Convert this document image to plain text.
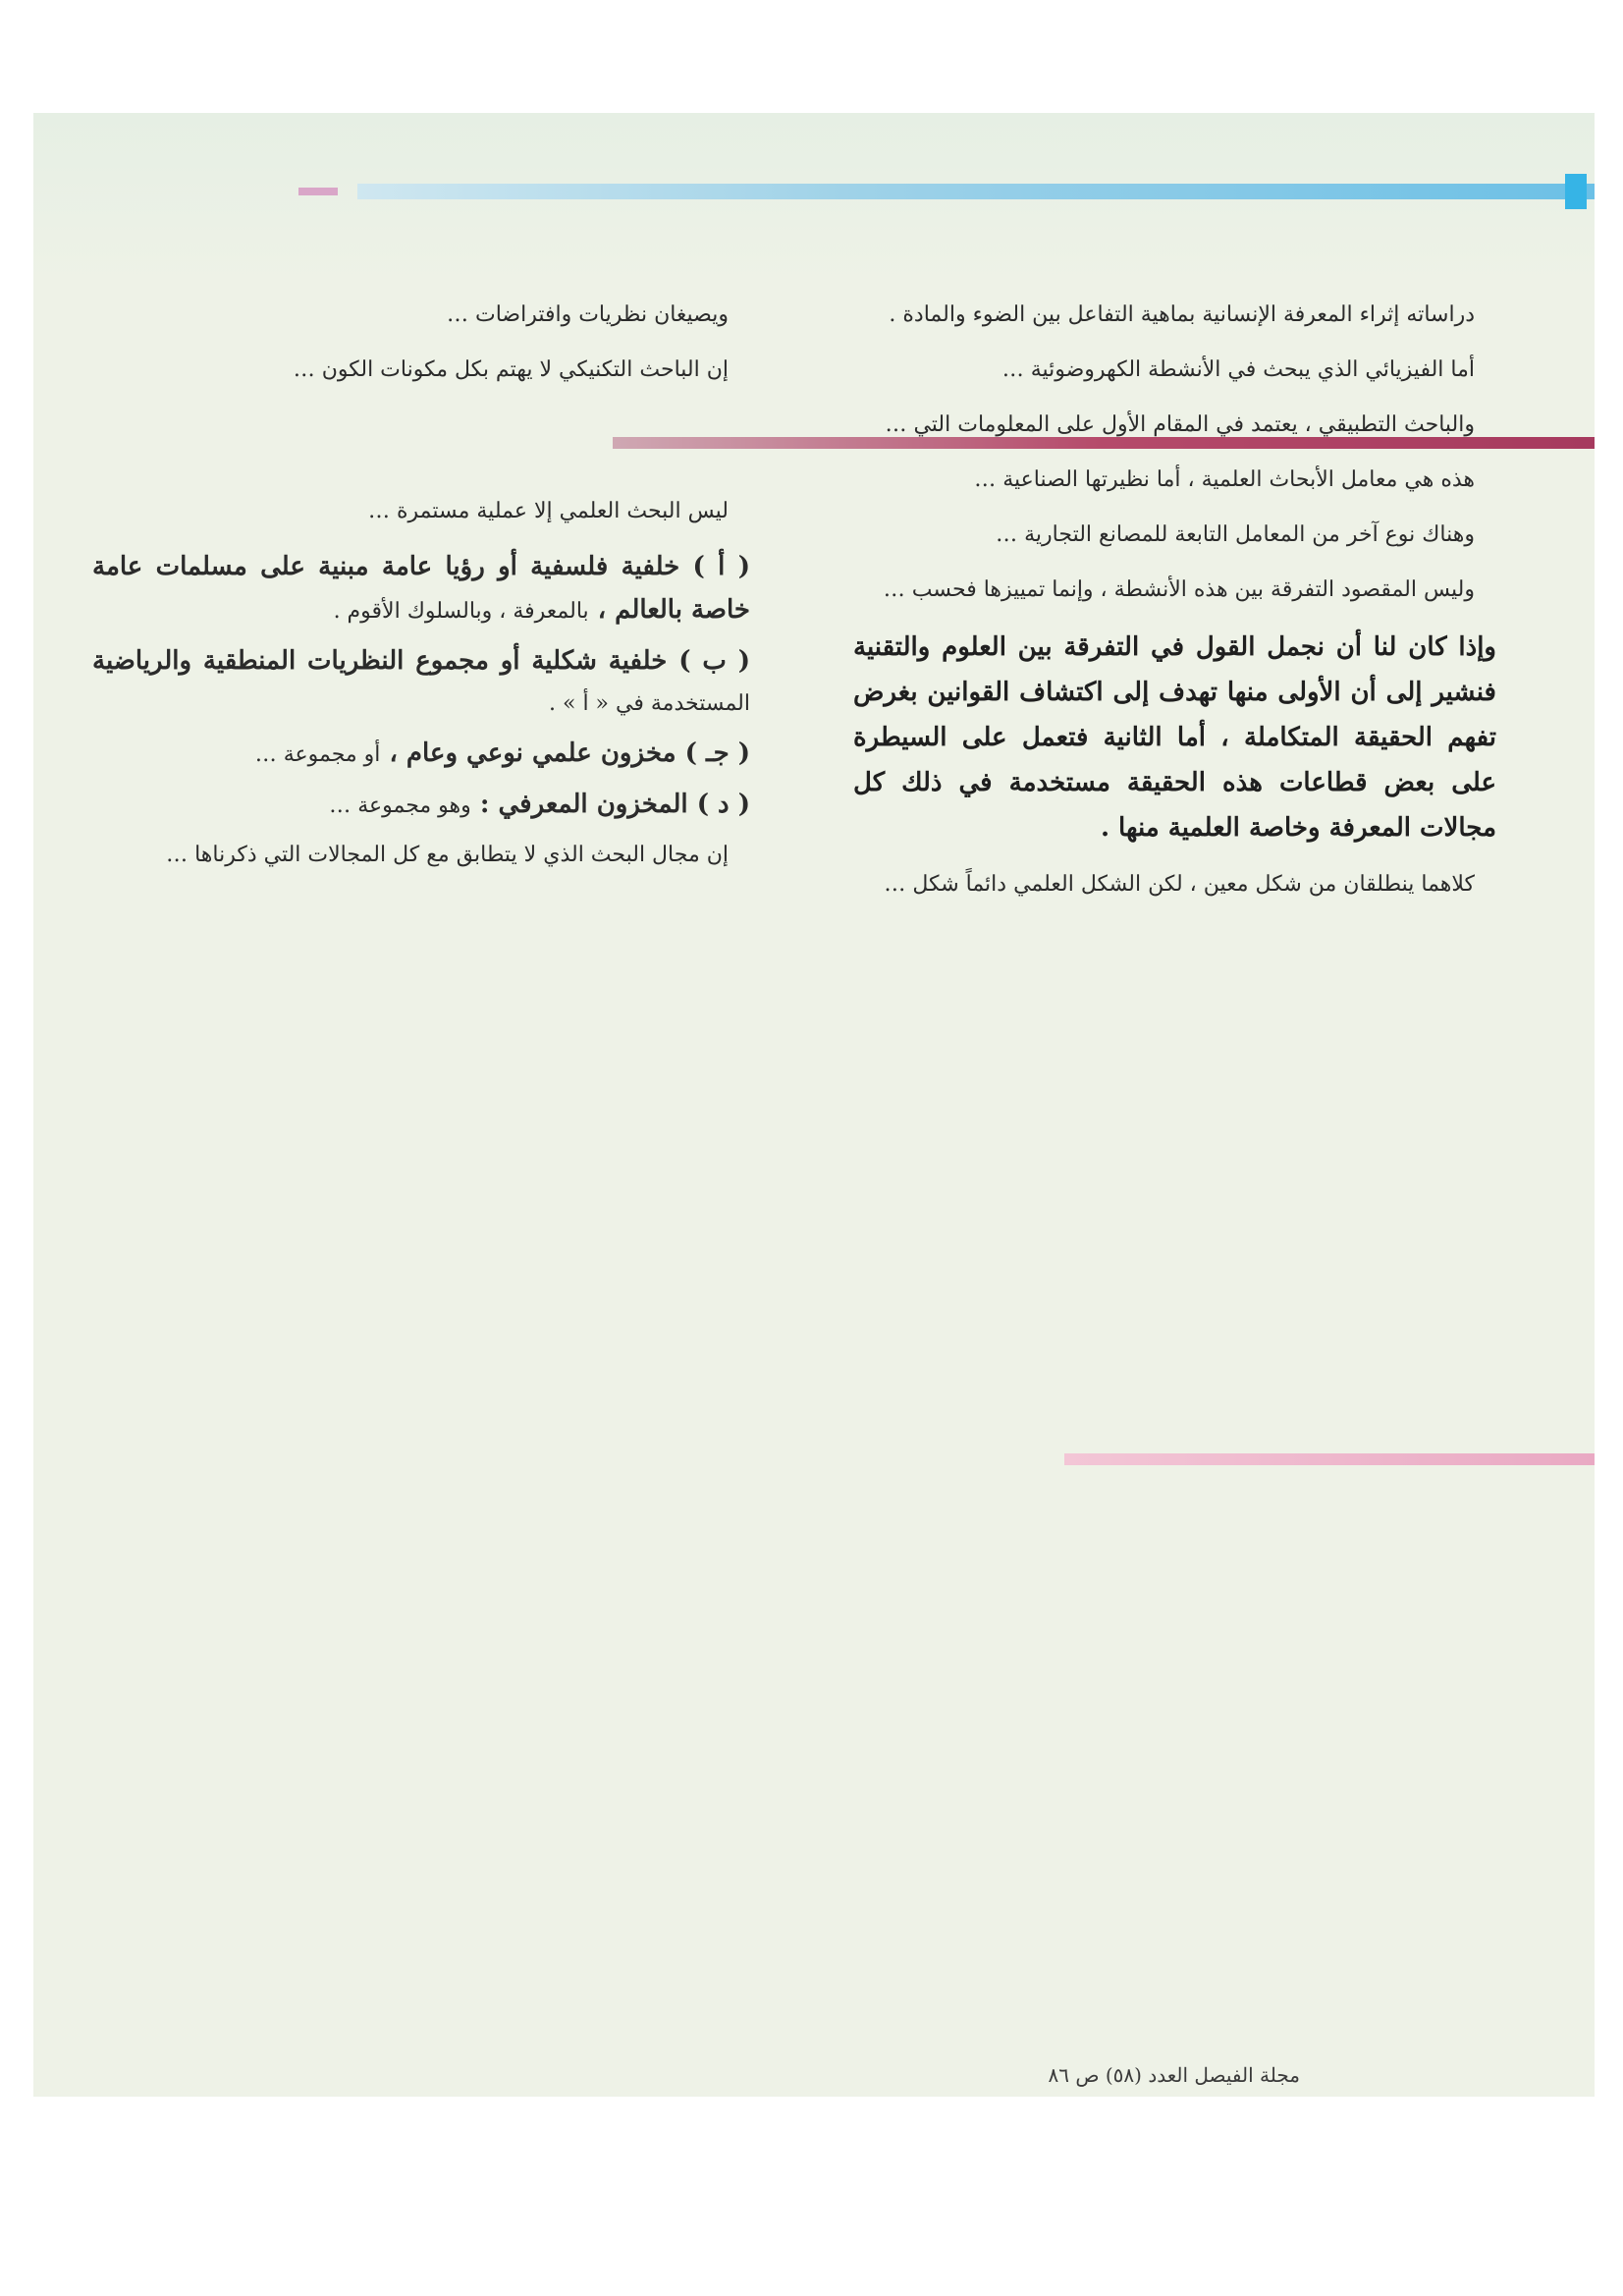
دراساته إثراء المعرفة الإنسانية بماهية التفاعل بين الضوء والمادة .

أما الفيزيائي الذي يبحث في الأنشطة الكهروضوئية …

والباحث التطبيقي ، يعتمد في المقام الأول على المعلومات التي …

هذه هي معامل الأبحاث العلمية ، أما نظيرتها الصناعية …

وهناك نوع آخر من المعامل التابعة للمصانع التجارية …

وليس المقصود التفرقة بين هذه الأنشطة ، وإنما تمييزها فحسب …

وإذا كان لنا أن نجمل القول في التفرقة بين العلوم والتقنية فنشير إلى أن الأولى منها تهدف إلى اكتشاف القوانين بغرض تفهم الحقيقة المتكاملة ، أما الثانية فتعمل على السيطرة على بعض قطاعات هذه الحقيقة مستخدمة في ذلك كل مجالات المعرفة وخاصة العلمية منها .

كلاهما ينطلقان من شكل معين ، لكن الشكل العلمي دائماً شكل …

ويصيغان نظريات وافتراضات …

إن الباحث التكنيكي لا يهتم بكل مكونات الكون …

ليس البحث العلمي إلا عملية مستمرة …

( أ ) خلفية فلسفية أو رؤيا عامة مبنية على مسلمات عامة خاصة بالعالم ، بالمعرفة ، وبالسلوك الأقوم .

( ب ) خلفية شكلية أو مجموع النظريات المنطقية والرياضية المستخدمة في « أ » .

( جـ ) مخزون علمي نوعي وعام ، أو مجموعة …

( د ) المخزون المعرفي : وهو مجموعة …

إن مجال البحث الذي لا يتطابق مع كل المجالات التي ذكرناها …

مجلة الفيصل العدد (٥٨) ص ٨٦
